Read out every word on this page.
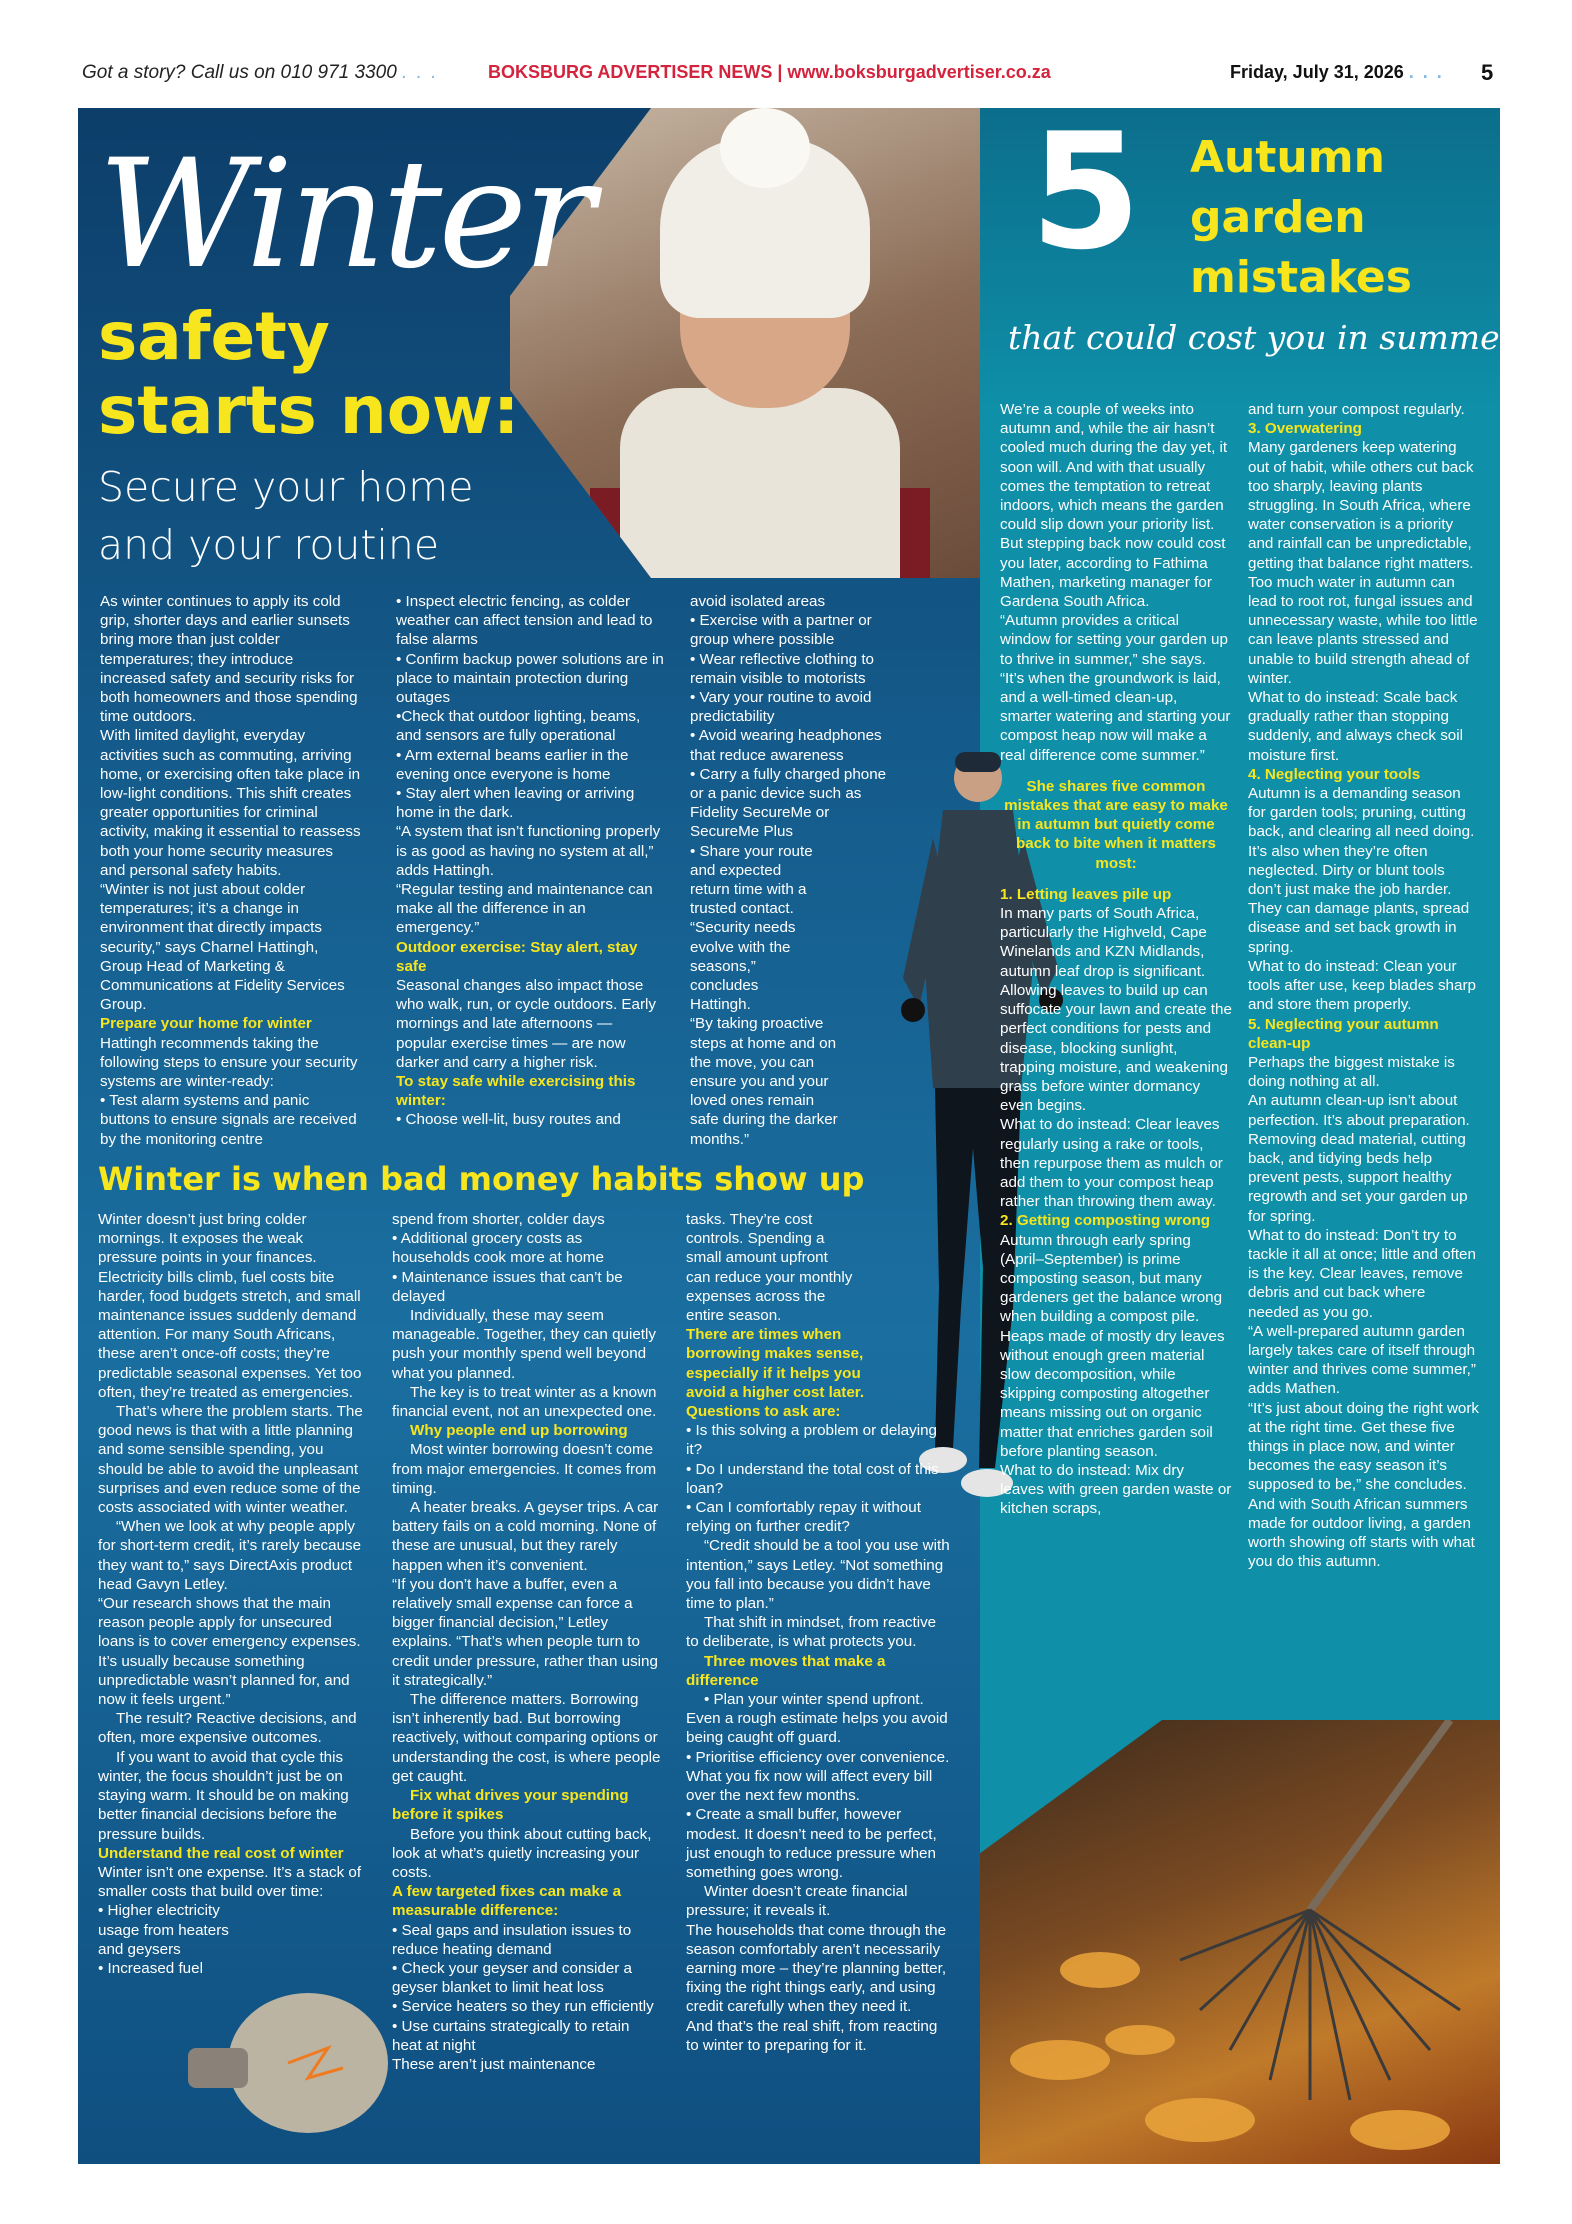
Got a story? Call us on 010 971 3300 . . .	BOKSBURG ADVERTISER NEWS | www.boksburgadvertiser.co.za	Friday, July 31, 2026 . . . 5
Winter
safety
starts now:
Secure your home and your routine

As winter continues to apply its cold grip, shorter days and earlier sunsets bring more than just colder temperatures; they introduce increased safety and security risks for both homeowners and those spending time outdoors.

With limited daylight, everyday activities such as commuting, arriving home, or exercising often take place in low-light conditions. This shift creates greater opportunities for criminal activity, making it essential to reassess both your home security measures and personal safety habits.

“Winter is not just about colder temperatures; it’s a change in environment that directly impacts security,” says Charnel Hattingh, Group Head of Marketing & Communications at Fidelity Services Group.

Prepare your home for winter

Hattingh recommends taking the following steps to ensure your security systems are winter-ready:

• Test alarm systems and panic buttons to ensure signals are received by the monitoring centre

• Inspect electric fencing, as colder weather can affect tension and lead to false alarms

• Confirm backup power solutions are in place to maintain protection during outages

•Check that outdoor lighting, beams, and sensors are fully operational

• Arm external beams earlier in the evening once everyone is home

• Stay alert when leaving or arriving home in the dark.

“A system that isn’t functioning properly is as good as having no system at all,” adds Hattingh.

“Regular testing and maintenance can make all the difference in an emergency.”

Outdoor exercise: Stay alert, stay safe

Seasonal changes also impact those who walk, run, or cycle outdoors. Early mornings and late afternoons — popular exercise times — are now darker and carry a higher risk.

To stay safe while exercising this winter:

• Choose well-lit, busy routes and

avoid isolated areas

• Exercise with a partner or group where possible

• Wear reflective clothing to remain visible to motorists

• Vary your routine to avoid predictability

• Avoid wearing headphones that reduce awareness

• Carry a fully charged phone or a panic device such as Fidelity SecureMe or SecureMe Plus

• Share your route and expected return time with a trusted contact.

“Security needs evolve with the seasons,” concludes Hattingh.

“By taking proactive steps at home and on the move, you can ensure you and your loved ones remain safe during the darker months.”

Winter is when bad money habits show up

Winter doesn’t just bring colder mornings. It exposes the weak pressure points in your finances.

Electricity bills climb, fuel costs bite harder, food budgets stretch, and small maintenance issues suddenly demand attention. For many South Africans, these aren’t once-off costs; they’re predictable seasonal expenses. Yet too often, they’re treated as emergencies.

That’s where the problem starts. The good news is that with a little planning and some sensible spending, you should be able to avoid the unpleasant surprises and even reduce some of the costs associated with winter weather.

“When we look at why people apply for short-term credit, it’s rarely because they want to,” says DirectAxis product head Gavyn Letley.

“Our research shows that the main reason people apply for unsecured loans is to cover emergency expenses. It’s usually because something unpredictable wasn’t planned for, and now it feels urgent.”

The result? Reactive decisions, and often, more expensive outcomes.

If you want to avoid that cycle this winter, the focus shouldn’t just be on staying warm. It should be on making better financial decisions before the pressure builds.

Understand the real cost of winter

Winter isn’t one expense. It’s a stack of smaller costs that build over time:

• Higher electricity usage from heaters and geysers

• Increased fuel

spend from shorter, colder days

• Additional grocery costs as households cook more at home

• Maintenance issues that can’t be delayed

Individually, these may seem manageable. Together, they can quietly push your monthly spend well beyond what you planned.

The key is to treat winter as a known financial event, not an unexpected one.

Why people end up borrowing

Most winter borrowing doesn’t come from major emergencies. It comes from timing.

A heater breaks. A geyser trips. A car battery fails on a cold morning. None of these are unusual, but they rarely happen when it’s convenient.

“If you don’t have a buffer, even a relatively small expense can force a bigger financial decision,” Letley explains. “That’s when people turn to credit under pressure, rather than using it strategically.”

The difference matters. Borrowing isn’t inherently bad. But borrowing reactively, without comparing options or understanding the cost, is where people get caught.

Fix what drives your spending before it spikes

Before you think about cutting back, look at what’s quietly increasing your costs.

A few targeted fixes can make a measurable difference:

• Seal gaps and insulation issues to reduce heating demand

• Check your geyser and consider a geyser blanket to limit heat loss

• Service heaters so they run efficiently

• Use curtains strategically to retain heat at night

These aren’t just maintenance

tasks. They’re cost controls. Spending a small amount upfront can reduce your monthly expenses across the entire season.

There are times when borrowing makes sense, especially if it helps you avoid a higher cost later.

Questions to ask are:

• Is this solving a problem or delaying it?

• Do I understand the total cost of this loan?

• Can I comfortably repay it without relying on further credit?

“Credit should be a tool you use with intention,” says Letley. “Not something you fall into because you didn’t have time to plan.”

That shift in mindset, from reactive to deliberate, is what protects you.

Three moves that make a difference

• Plan your winter spend upfront. Even a rough estimate helps you avoid being caught off guard.

• Prioritise efficiency over convenience. What you fix now will affect every bill over the next few months.

• Create a small buffer, however modest. It doesn’t need to be perfect, just enough to reduce pressure when something goes wrong.

Winter doesn’t create financial pressure; it reveals it.

The households that come through the season comfortably aren’t necessarily earning more – they’re planning better, fixing the right things early, and using credit carefully when they need it.

And that’s the real shift, from reacting to winter to preparing for it.

5 Autumn
garden
mistakes
that could cost you in summer

We’re a couple of weeks into autumn and, while the air hasn’t cooled much during the day yet, it soon will. And with that usually comes the temptation to retreat indoors, which means the garden could slip down your priority list.

But stepping back now could cost you later, according to Fathima Mathen, marketing manager for Gardena South Africa.

“Autumn provides a critical window for setting your garden up to thrive in summer,” she says. “It’s when the groundwork is laid, and a well-timed clean-up, smarter watering and starting your compost heap now will make a real difference come summer.”

She shares five common mistakes that are easy to make in autumn but quietly come back to bite when it matters most:

1. Letting leaves pile up

In many parts of South Africa, particularly the Highveld, Cape Winelands and KZN Midlands, autumn leaf drop is significant.

Allowing leaves to build up can suffocate your lawn and create the perfect conditions for pests and disease, blocking sunlight, trapping moisture, and weakening grass before winter dormancy even begins.

What to do instead: Clear leaves regularly using a rake or tools, then repurpose them as mulch or add them to your compost heap rather than throwing them away.

2. Getting composting wrong

Autumn through early spring (April–September) is prime composting season, but many gardeners get the balance wrong when building a compost pile. Heaps made of mostly dry leaves without enough green material slow decomposition, while skipping composting altogether means missing out on organic matter that enriches garden soil before planting season.

What to do instead: Mix dry leaves with green garden waste or kitchen scraps,

and turn your compost regularly.

3. Overwatering

Many gardeners keep watering out of habit, while others cut back too sharply, leaving plants struggling. In South Africa, where water conservation is a priority and rainfall can be unpredictable, getting that balance right matters. Too much water in autumn can lead to root rot, fungal issues and unnecessary waste, while too little can leave plants stressed and unable to build strength ahead of winter.

What to do instead: Scale back gradually rather than stopping suddenly, and always check soil moisture first.

4. Neglecting your tools

Autumn is a demanding season for garden tools; pruning, cutting back, and clearing all need doing.

It’s also when they’re often neglected. Dirty or blunt tools don’t just make the job harder. They can damage plants, spread disease and set back growth in spring.

What to do instead: Clean your tools after use, keep blades sharp and store them properly.

5. Neglecting your autumn clean-up

Perhaps the biggest mistake is doing nothing at all.

An autumn clean-up isn’t about perfection. It’s about preparation. Removing dead material, cutting back, and tidying beds help prevent pests, support healthy regrowth and set your garden up for spring.

What to do instead: Don’t try to tackle it all at once; little and often is the key. Clear leaves, remove debris and cut back where needed as you go.

“A well-prepared autumn garden largely takes care of itself through winter and thrives come summer,” adds Mathen.

“It’s just about doing the right work at the right time. Get these five things in place now, and winter becomes the easy season it’s supposed to be,” she concludes.

And with South African summers made for outdoor living, a garden worth showing off starts with what you do this autumn.
